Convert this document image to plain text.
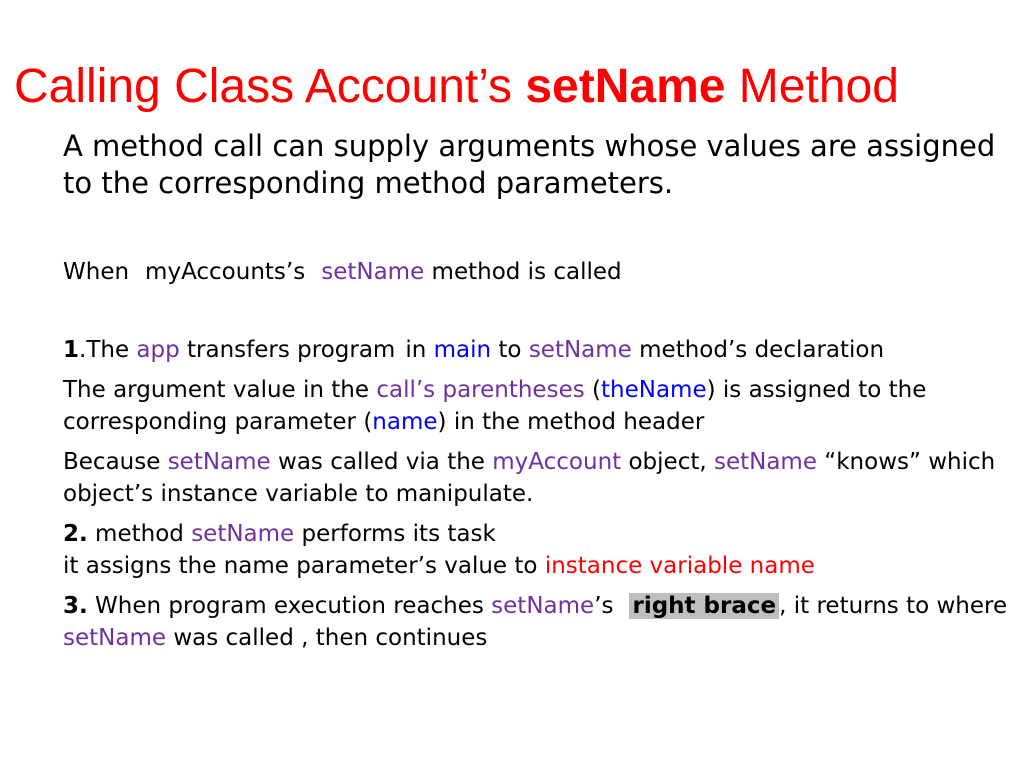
Calling Class Account’s setName Method

A method call can supply arguments whose values are assigned to the corresponding method parameters.

When myAccounts’s setName method is called

1.The app transfers program in main to setName method’s declaration

The argument value in the call’s parentheses (theName) is assigned to the corresponding parameter (name) in the method header

Because setName was called via the myAccount object, setName “knows” which object’s instance variable to manipulate.

2. method setName performs its task
it assigns the name parameter’s value to instance variable name

3. When program execution reaches setName’s right brace , it returns to where setName was called , then continues
